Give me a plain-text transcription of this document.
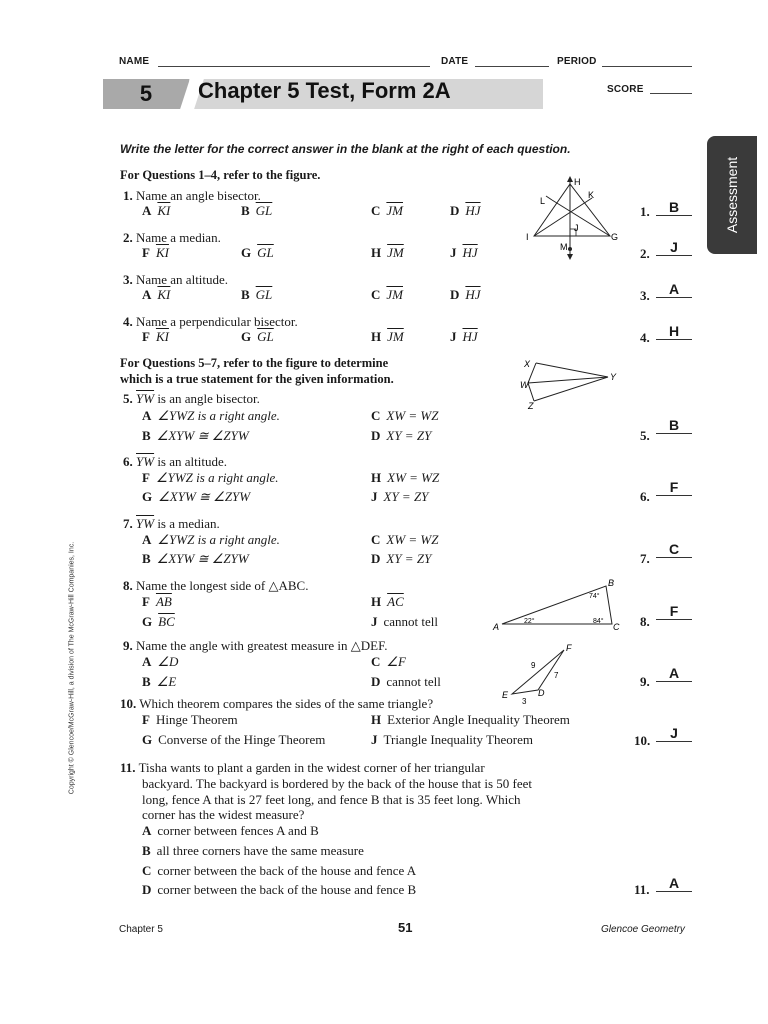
NAME	DATE	PERIOD
5	Chapter 5 Test, Form 2A	SCORE
Assessment
Write the letter for the correct answer in the blank at the right of each question.
For Questions 1–4, refer to the figure.
1. Name an angle bisector.
A $\overline{KI}$	B $\overline{GL}$	C $\overline{JM}$	D $\overline{HJ}$	1.	B
2. Name a median.
F $\overline{KI}$	G $\overline{GL}$	H $\overline{JM}$	J $\overline{HJ}$	2.	J
3. Name an altitude.
A $\overline{KI}$	B $\overline{GL}$	C $\overline{JM}$	D $\overline{HJ}$	3.	A
4. Name a perpendicular bisector.
F $\overline{KI}$	G $\overline{GL}$	H $\overline{JM}$	J $\overline{HJ}$	4.	H
H
K
L
J
I	G
M
For Questions 5–7, refer to the figure to determine
which is a true statement for the given information.
X
Y
W
Z
5. $\overline{YW}$ is an angle bisector.
A ∠YWZ is a right angle.	C XW = WZ
B ∠XYW ≅ ∠ZYW	D XY = ZY	5.
B
6. $\overline{YW}$ is an altitude.
F ∠YWZ is a right angle.	H XW = WZ
G ∠XYW ≅ ∠ZYW	J XY = ZY	6.
F
7. $\overline{YW}$ is a median.
A ∠YWZ is a right angle.	C XW = WZ
B ∠XYW ≅ ∠ZYW	D XY = ZY	7.
C
8. Name the longest side of △ABC.
F $\overline{AB}$	H $\overline{AC}$
G $\overline{BC}$	J cannot tell	8.
F
A
B
C
74°
22°	84°
9. Name the angle with greatest measure in △DEF.
A ∠D	C ∠F
B ∠E	D cannot tell	9.
A
F
E	D
9
7
3
10. Which theorem compares the sides of the same triangle?
F Hinge Theorem	H Exterior Angle Inequality Theorem
G Converse of the Hinge Theorem	J Triangle Inequality Theorem	10.	J
11. Tisha wants to plant a garden in the widest corner of her triangular
backyard. The backyard is bordered by the back of the house that is 50 feet
long, fence A that is 27 feet long, and fence B that is 35 feet long. Which
corner has the widest measure?
A corner between fences A and B
B all three corners have the same measure
C corner between the back of the house and fence A
D corner between the back of the house and fence B	11.	A
Chapter 5	51	Glencoe Geometry
Copyright © Glencoe/McGraw-Hill, a division of The McGraw-Hill Companies, Inc.
